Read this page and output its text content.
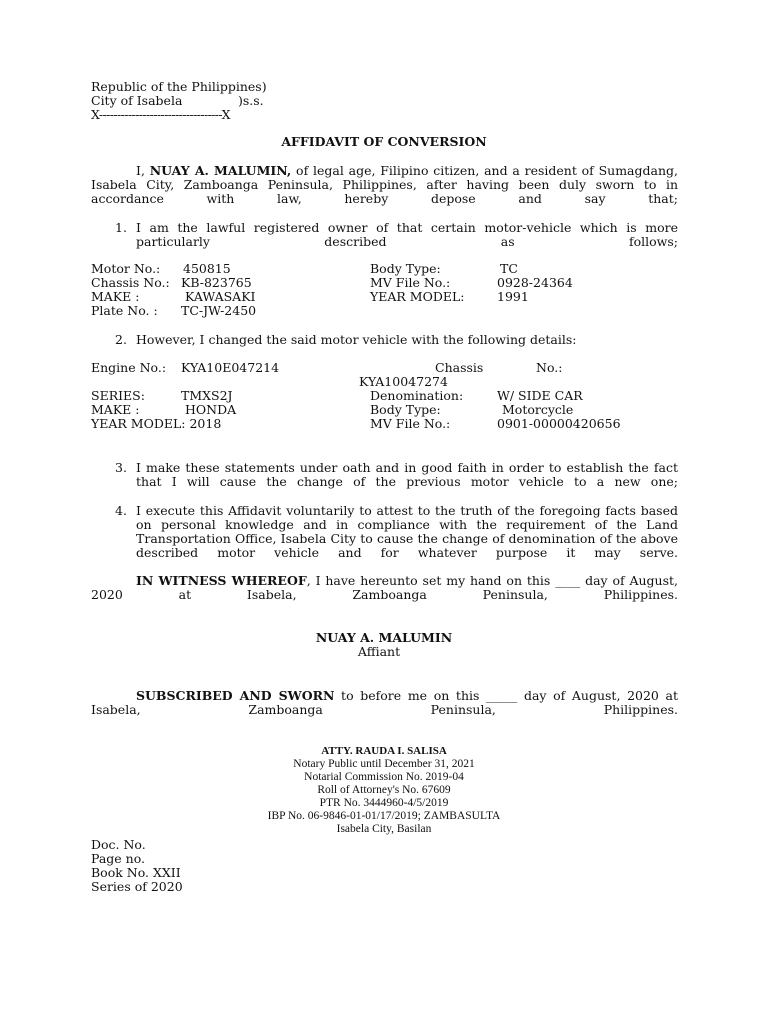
Republic of the Philippines)
City of Isabela	)s.s.
X----------------------------------X
AFFIDAVIT OF CONVERSION
I, NUAY A. MALUMIN, of legal age, Filipino citizen, and a resident of Sumagdang, Isabela City, Zamboanga Peninsula, Philippines, after having been duly sworn to in accordance with law, hereby depose and say that;
1. I am the lawful registered owner of that certain motor-vehicle which is more particularly described as follows;
Motor No.: 450815	Body Type:	TC
Chassis No.: KB-823765	MV File No.:	0928-24364
MAKE :	KAWASAKI	YEAR MODEL:	1991
Plate No. : TC-JW-2450
2. However, I changed the said motor vehicle with the following details:
Engine No.: KYA10E047214	Chassis	No.:
KYA10047274
SERIES:	TMXS2J	Denomination:	W/ SIDE CAR
MAKE :	HONDA	Body Type:	Motorcycle
YEAR MODEL: 2018	MV File No.:	0901-00000420656
3. I make these statements under oath and in good faith in order to establish the fact that I will cause the change of the previous motor vehicle to a new one;
4. I execute this Affidavit voluntarily to attest to the truth of the foregoing facts based on personal knowledge and in compliance with the requirement of the Land Transportation Office, Isabela City to cause the change of denomination of the above described motor vehicle and for whatever purpose it may serve.
IN WITNESS WHEREOF, I have hereunto set my hand on this ____ day of August, 2020 at Isabela, Zamboanga Peninsula, Philippines.
NUAY A. MALUMIN
Affiant
SUBSCRIBED AND SWORN to before me on this _____ day of August, 2020 at Isabela, Zamboanga Peninsula, Philippines.
ATTY. RAUDA I. SALISA
Notary Public until December 31, 2021
Notarial Commission No. 2019-04
Roll of Attorney's No. 67609
PTR No. 3444960-4/5/2019
IBP No. 06-9846-01-01/17/2019; ZAMBASULTA
Isabela City, Basilan
Doc. No.
Page no.
Book No. XXII
Series of 2020
